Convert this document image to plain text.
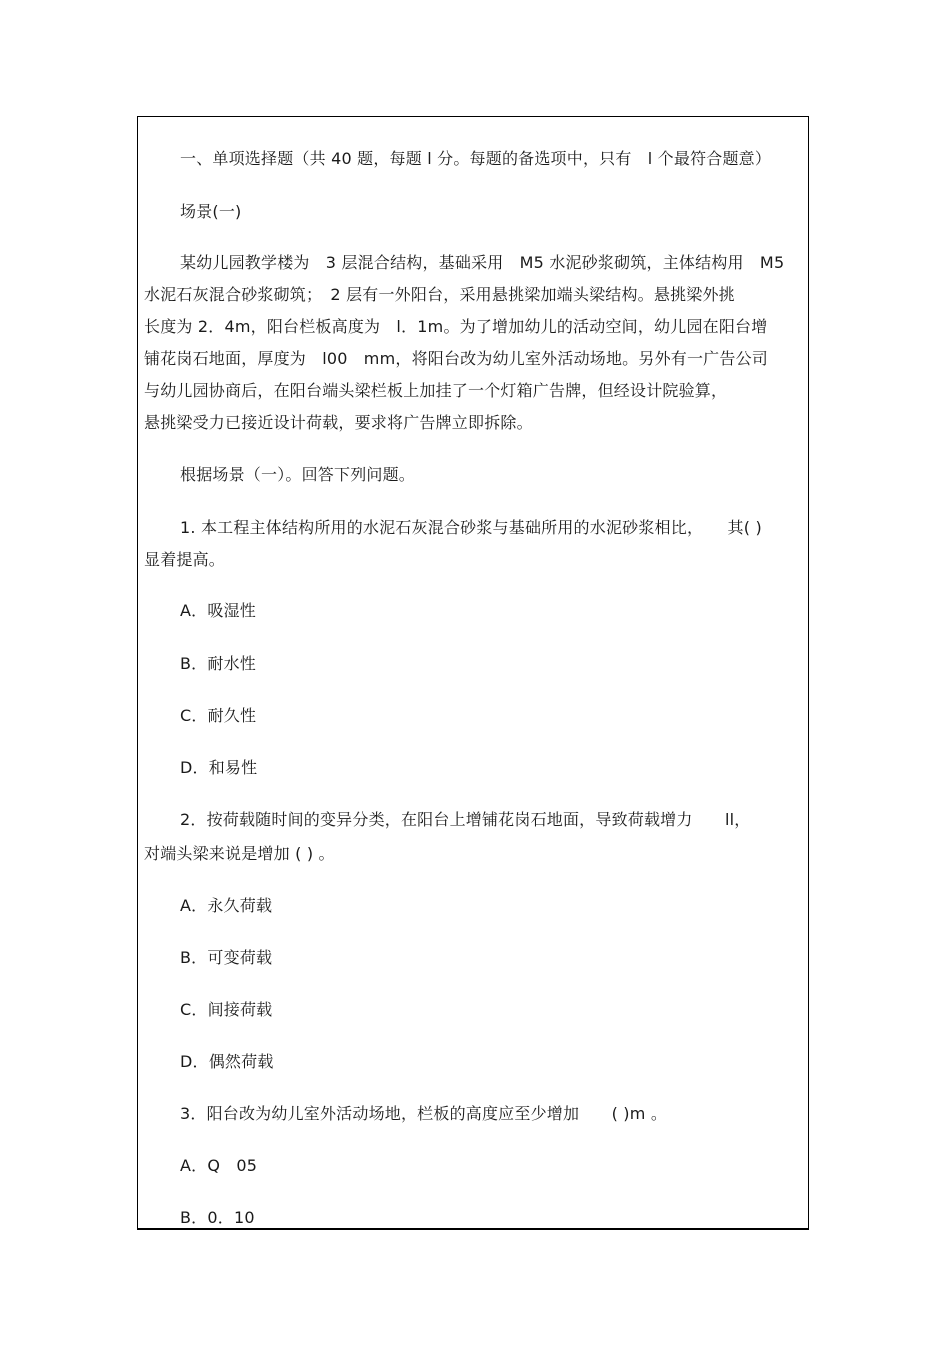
一、单项选择题（共 40 题，每题 l 分。每题的备选项中，只有　l 个最符合题意）
场景(一)
某幼儿园教学楼为　3 层混合结构，基础采用　M5 水泥砂浆砌筑，主体结构用　M5
水泥石灰混合砂浆砌筑；　2 层有一外阳台，采用悬挑梁加端头梁结构。悬挑梁外挑
长度为 2．4m，阳台栏板高度为　l．1m。为了增加幼儿的活动空间，幼儿园在阳台增
铺花岗石地面，厚度为　l00　mm，将阳台改为幼儿室外活动场地。另外有一广告公司
与幼儿园协商后，在阳台端头梁栏板上加挂了一个灯箱广告牌，但经设计院验算，
悬挑梁受力已接近设计荷载，要求将广告牌立即拆除。
根据场景（一）。回答下列问题。
1. 本工程主体结构所用的水泥石灰混合砂浆与基础所用的水泥砂浆相比，　　其( )
显着提高。
A．吸湿性
B．耐水性
C．耐久性
D．和易性
2．按荷载随时间的变异分类，在阳台上增铺花岗石地面，导致荷载增力　　ll，
对端头梁来说是增加 ( ) 。
A．永久荷载
B．可变荷载
C．间接荷载
D．偶然荷载
3．阳台改为幼儿室外活动场地，栏板的高度应至少增加　　( )m 。
A．Q　05
B．0．10
